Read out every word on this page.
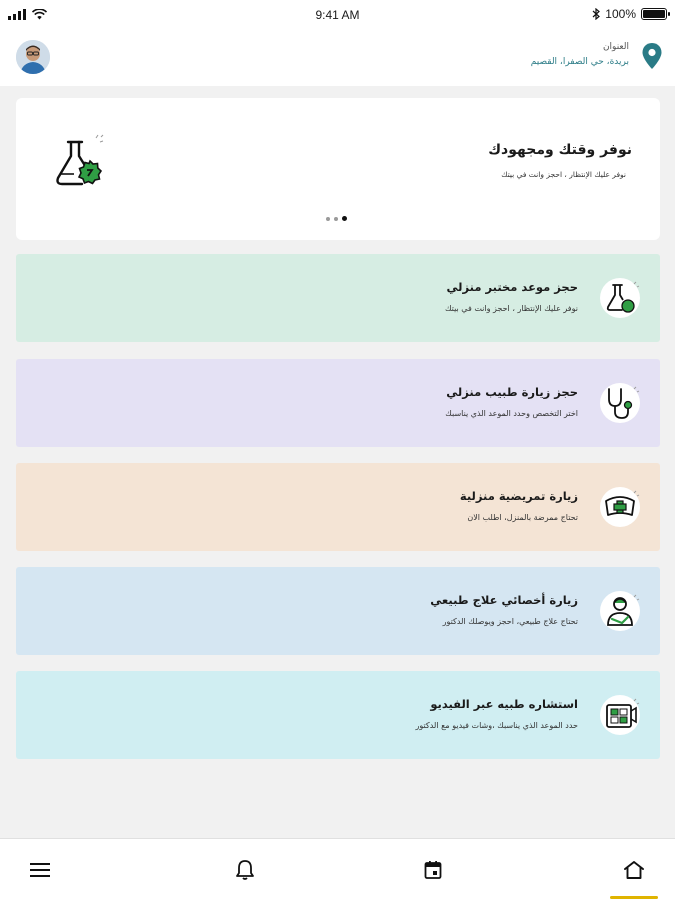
9:41 AM	100%
العنوان
بريدة، حي الصفرا، القصيم
نوفر وقتك ومجهودك
نوفر عليك الإنتظار ، احجز وانت في بيتك
حجز موعد مختبر منزلي
نوفر عليك الإنتظار ، احجز وانت في بيتك
حجز زيارة طبيب منزلي
اختر التخصص وحدد الموعد الذي يناسبك
زيارة تمريضية منزلية
تحتاج ممرضة بالمنزل، اطلب الان
زيارة أخصائي علاج طبيعي
تحتاج علاج طبيعي، احجز ويوصلك الدكتور
استشاره طبيه عبر الفيديو
حدد الموعد الذي يناسبك ،وشات فيديو مع الدكتور
